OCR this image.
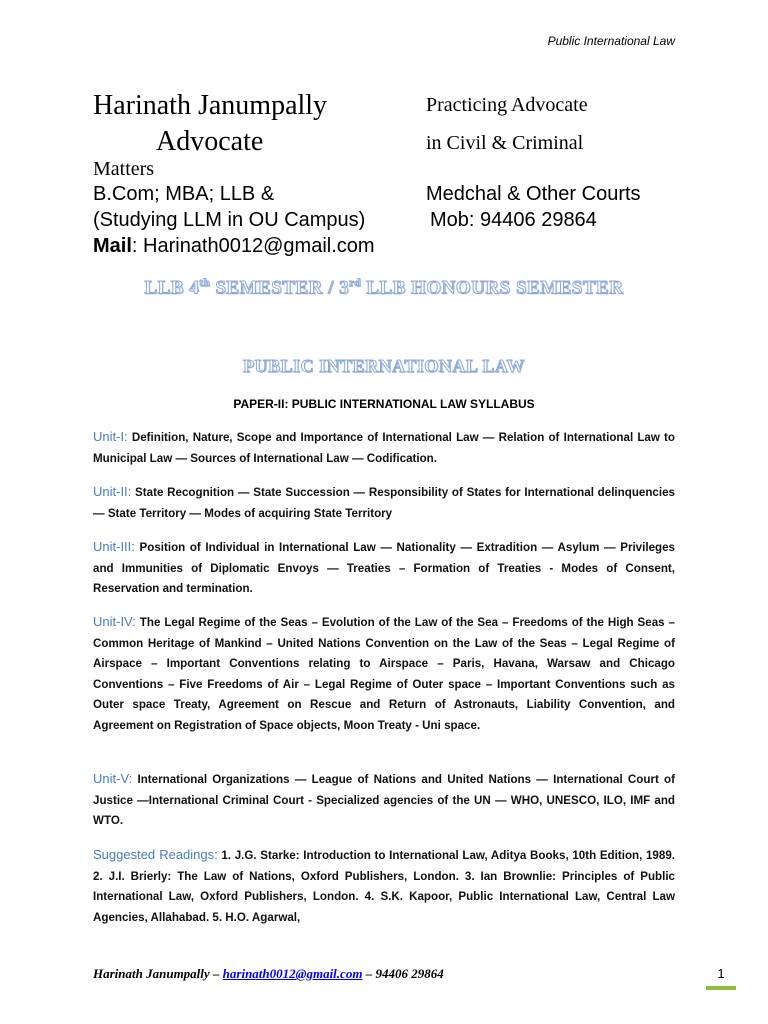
Public International Law
Harinath Janumpally	Practicing Advocate
Advocate	in Civil & Criminal
Matters
B.Com; MBA; LLB &	Medchal & Other Courts
(Studying LLM in OU Campus)	Mob: 94406 29864
Mail: Harinath0012@gmail.com
LLB 4th SEMESTER / 3rd LLB HONOURS SEMESTER
PUBLIC INTERNATIONAL LAW
PAPER-II: PUBLIC INTERNATIONAL LAW SYLLABUS
Unit-I: Definition, Nature, Scope and Importance of International Law — Relation of International Law to Municipal Law — Sources of International Law — Codification.
Unit-II: State Recognition — State Succession — Responsibility of States for International delinquencies — State Territory — Modes of acquiring State Territory
Unit-III: Position of Individual in International Law — Nationality — Extradition — Asylum — Privileges and Immunities of Diplomatic Envoys — Treaties – Formation of Treaties - Modes of Consent, Reservation and termination.
Unit-IV: The Legal Regime of the Seas – Evolution of the Law of the Sea – Freedoms of the High Seas – Common Heritage of Mankind – United Nations Convention on the Law of the Seas – Legal Regime of Airspace – Important Conventions relating to Airspace – Paris, Havana, Warsaw and Chicago Conventions – Five Freedoms of Air – Legal Regime of Outer space – Important Conventions such as Outer space Treaty, Agreement on Rescue and Return of Astronauts, Liability Convention, and Agreement on Registration of Space objects, Moon Treaty - Uni space.
Unit-V: International Organizations — League of Nations and United Nations — International Court of Justice —International Criminal Court - Specialized agencies of the UN — WHO, UNESCO, ILO, IMF and WTO.
Suggested Readings: 1. J.G. Starke: Introduction to International Law, Aditya Books, 10th Edition, 1989. 2. J.I. Brierly: The Law of Nations, Oxford Publishers, London. 3. Ian Brownlie: Principles of Public International Law, Oxford Publishers, London. 4. S.K. Kapoor, Public International Law, Central Law Agencies, Allahabad. 5. H.O. Agarwal,
Harinath Janumpally – harinath0012@gmail.com – 94406 29864	1
